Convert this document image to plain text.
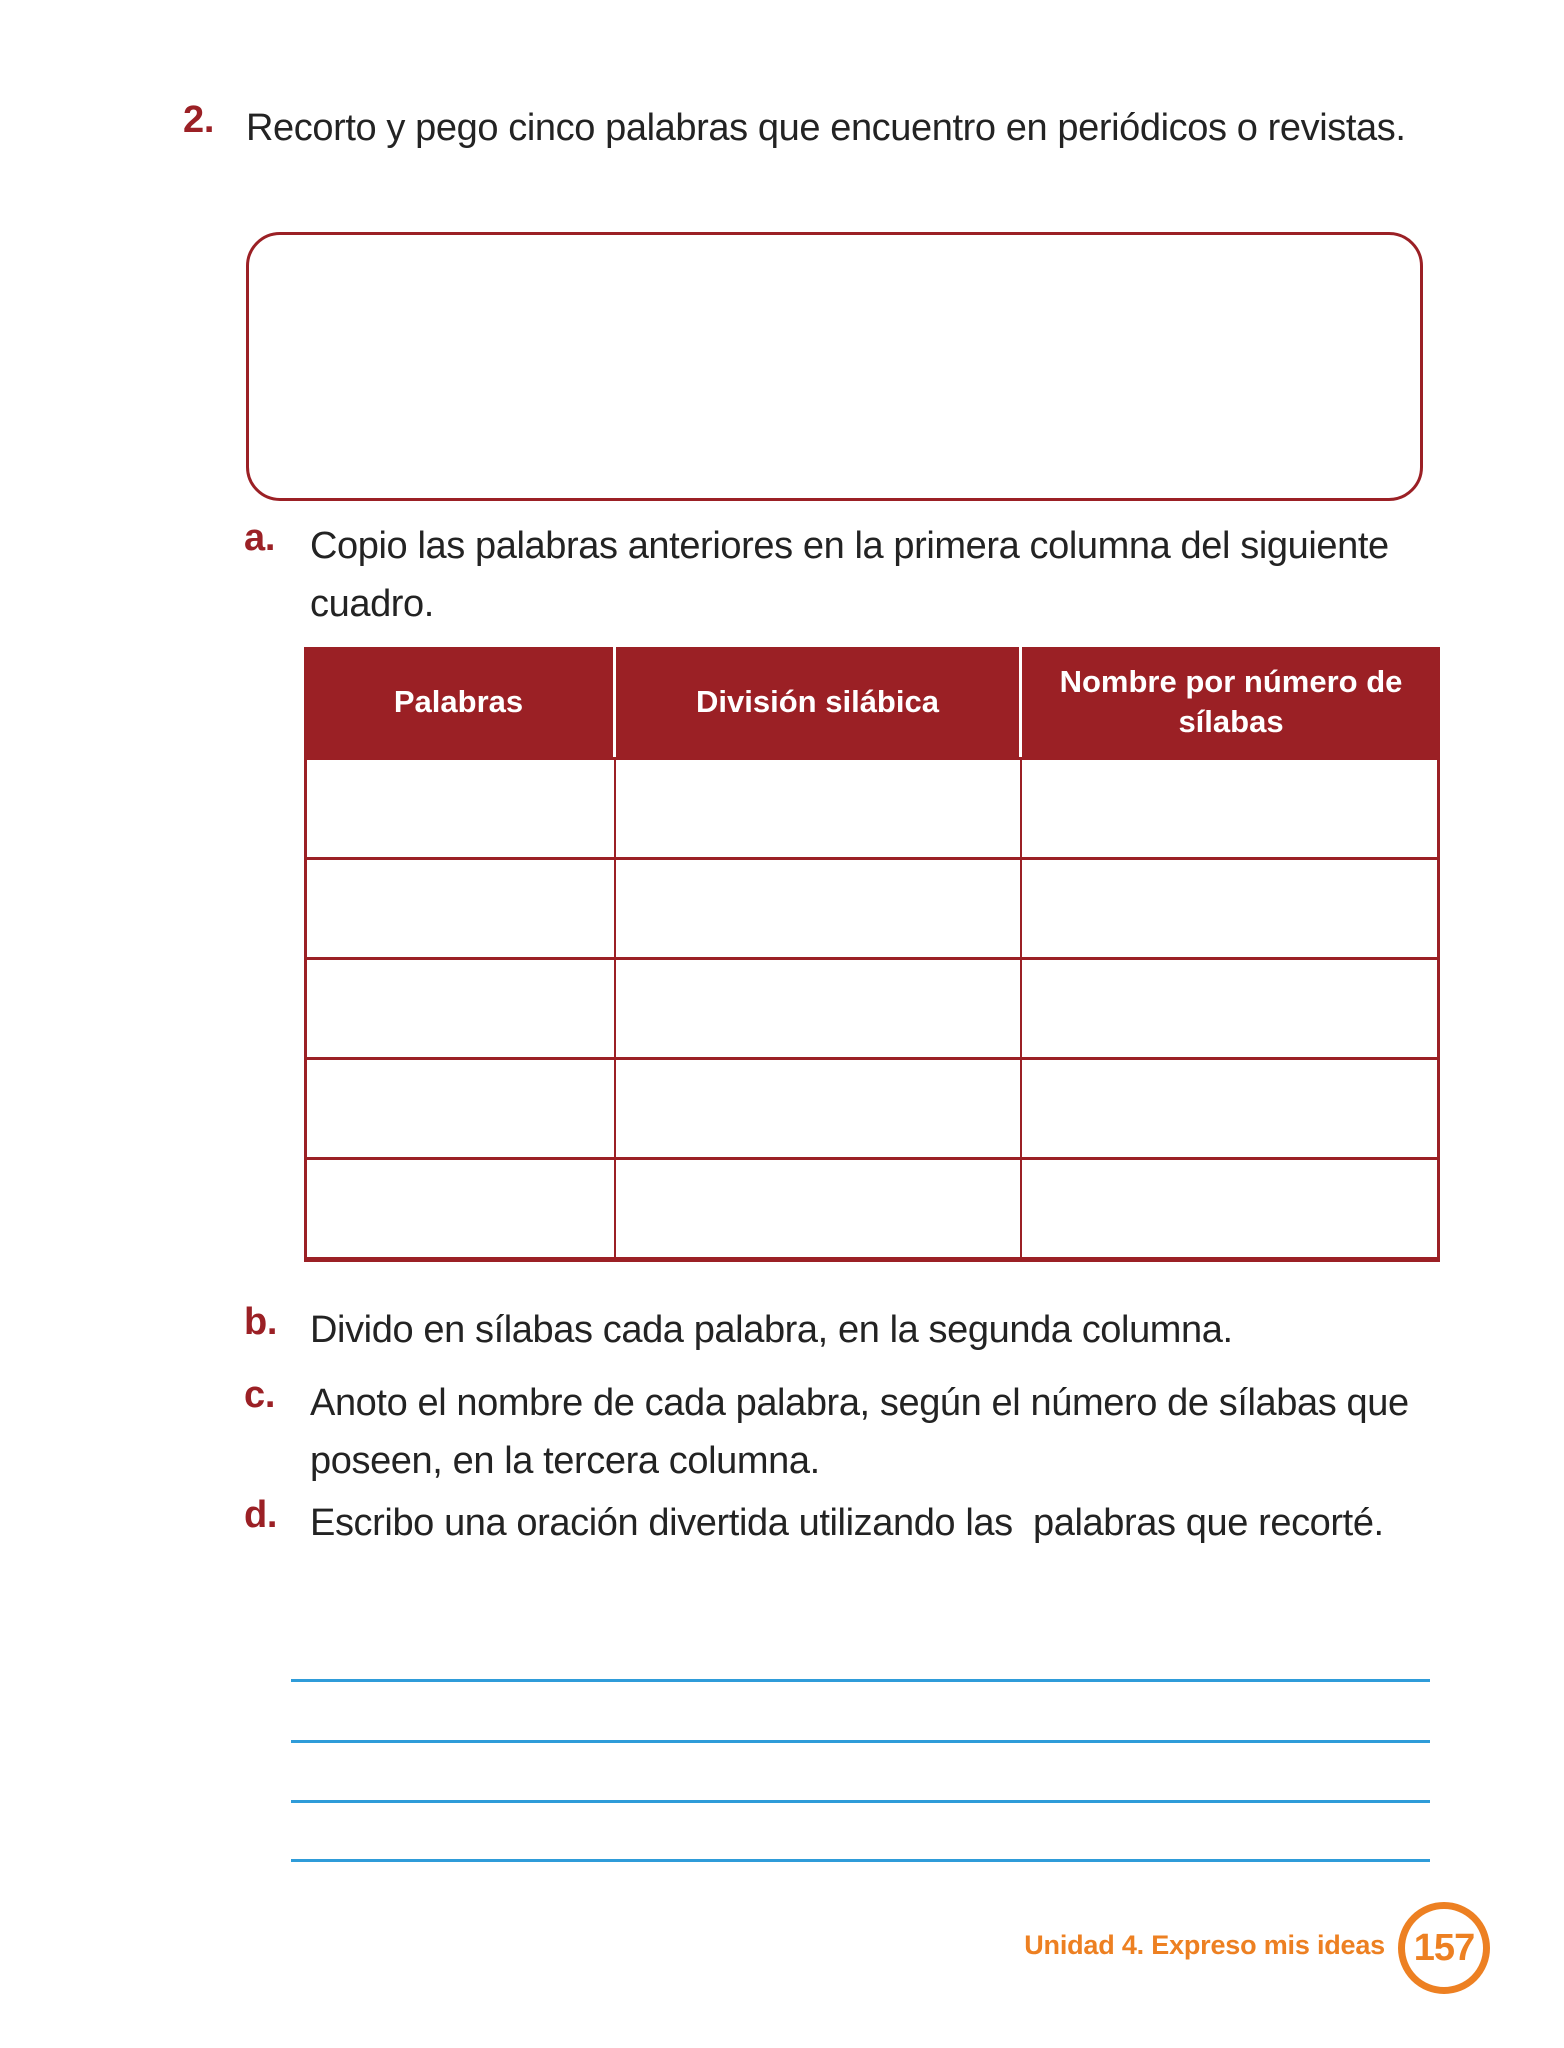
2. Recorto y pego cinco palabras que encuentro en periódicos o revistas.
a. Copio las palabras anteriores en la primera columna del siguiente cuadro.
Palabras	División silábica
Nombre por número de sílabas
b. Divido en sílabas cada palabra, en la segunda columna.
c. Anoto el nombre de cada palabra, según el número de sílabas que poseen, en la tercera columna.
d. Escribo una oración divertida utilizando las  palabras que recorté.
Unidad 4. Expreso mis ideas 157
